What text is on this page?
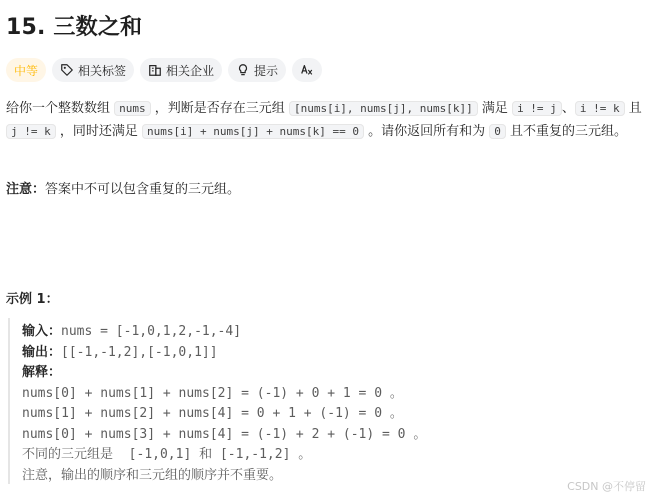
15. 三数之和
中等	相关标签	相关企业	提示
给你一个整数数组 nums ，判断是否存在三元组 [nums[i], nums[j], nums[k]] 满足 i != j 、 i != k 且 j != k ，同时还满足 nums[i] + nums[j] + nums[k] == 0 。请你返回所有和为 0 且不重复的三元组。
注意：答案中不可以包含重复的三元组。
示例 1：
输入：nums = [-1,0,1,2,-1,-4]
输出：[[-1,-1,2],[-1,0,1]]
解释：
nums[0] + nums[1] + nums[2] = (-1) + 0 + 1 = 0 。
nums[1] + nums[2] + nums[4] = 0 + 1 + (-1) = 0 。
nums[0] + nums[3] + nums[4] = (-1) + 2 + (-1) = 0 。
不同的三元组是 [-1,0,1] 和 [-1,-1,2] 。
注意，输出的顺序和三元组的顺序并不重要。
CSDN @不停留
